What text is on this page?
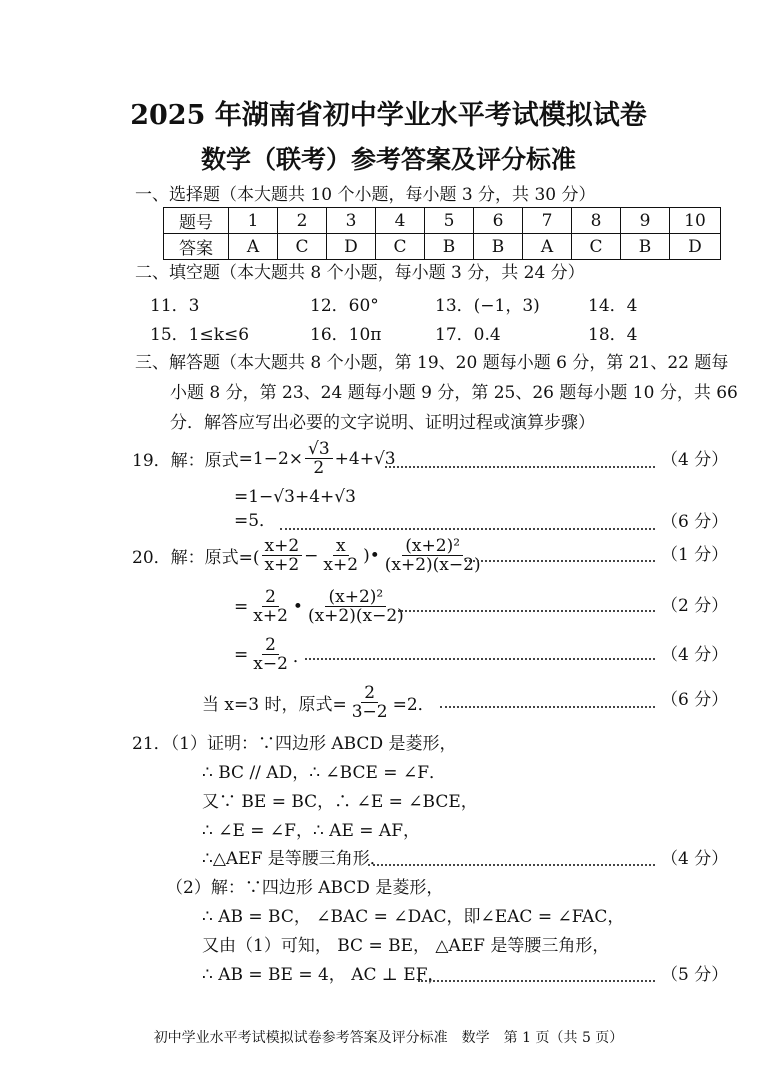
2025 年湖南省初中学业水平考试模拟试卷
数学（联考）参考答案及评分标准
一、选择题（本大题共 10 个小题，每小题 3 分，共 30 分）
题号	1	2	3	4	5	6	7	8	9	10
答案	A	C	D	C	B	B	A	C	B	D
二、填空题（本大题共 8 个小题，每小题 3 分，共 24 分）
11．3	12．60°	13．(−1，3)	14．4
15．1≤k≤6	16．10π	17．0.4	18．4
三、解答题（本大题共 8 个小题，第 19、20 题每小题 6 分，第 21、22 题每
小题 8 分，第 23、24 题每小题 9 分，第 25、26 题每小题 10 分，共 66
分．解答应写出必要的文字说明、证明过程或演算步骤）
19．解：原式 $=1-2\times \frac{√3}{2} +4+√3$	（4 分）
=1−√3+4+√3
=5．	（6 分）
20．解：原式=( $\frac{x+2}{x+2} - \frac{x}{x+2}$ )• $\frac{\text{(x+2)²}}{(x+2)(x-2)}$	（1 分）
= $\frac{2}{x+2}$ • $\frac{\text{(x+2)²}}{(x+2)(x-2)}$	（2 分）
= $\frac{2}{x-2}$ ．	（4 分）
当 x=3 时，原式= $\frac{2}{3-2} =2$．	（6 分）
21．（1）证明：∵四边形 ABCD 是菱形，
∴ BC // AD，∴ ∠BCE = ∠F．
又∵ BE = BC，∴ ∠E = ∠BCE，
∴ ∠E = ∠F，∴ AE = AF，
∴△AEF 是等腰三角形．	（4 分）
（2）解：∵四边形 ABCD 是菱形，
∴ AB = BC， ∠BAC = ∠DAC，即∠EAC = ∠FAC，
又由（1）可知， BC = BE， △AEF 是等腰三角形，
∴ AB = BE = 4， AC ⊥ EF，	（5 分）
初中学业水平考试模拟试卷参考答案及评分标准　数学　第 1 页（共 5 页）
